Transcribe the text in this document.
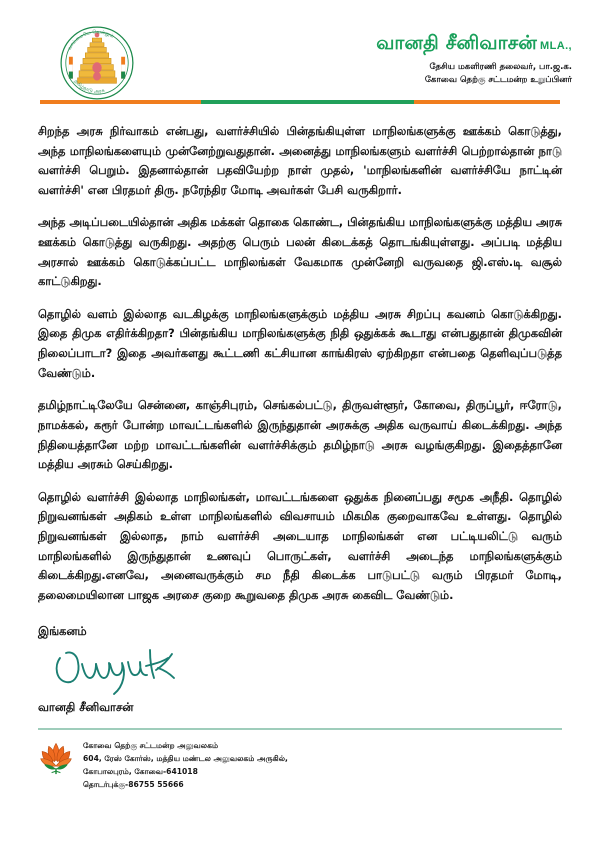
வாய்மையே வெல்லும்
தமிழ்நாடு அரசு
வானதி சீனிவாசன் MLA.,
தேசிய மகளிரணி தலைவர், பா.ஜ.க.
கோவை தெற்கு சட்டமன்ற உறுப்பினர்

சிறந்த அரசு நிர்வாகம் என்பது, வளர்ச்சியில் பின்தங்கியுள்ள மாநிலங்களுக்கு ஊக்கம் கொடுத்து, அந்த மாநிலங்களையும் முன்னேற்றுவதுதான். அனைத்து மாநிலங்களும் வளர்ச்சி பெற்றால்தான் நாடு வளர்ச்சி பெறும். இதனால்தான் பதவியேற்ற நாள் முதல், 'மாநிலங்களின் வளர்ச்சியே நாட்டின் வளர்ச்சி' என பிரதமர் திரு. நரேந்திர மோடி அவர்கள் பேசி வருகிறார்.

அந்த அடிப்படையில்தான் அதிக மக்கள் தொகை கொண்ட, பின்தங்கிய மாநிலங்களுக்கு மத்திய அரசு ஊக்கம் கொடுத்து வருகிறது. அதற்கு பெரும் பலன் கிடைக்கத் தொடங்கியுள்ளது. அப்படி மத்திய அரசால் ஊக்கம் கொடுக்கப்பட்ட மாநிலங்கள் வேகமாக முன்னேறி வருவதை ஜி.எஸ்.டி வசூல் காட்டுகிறது.

தொழில் வளம் இல்லாத வடகிழக்கு மாநிலங்களுக்கும் மத்திய அரசு சிறப்பு கவனம் கொடுக்கிறது. இதை திமுக எதிர்க்கிறதா? பின்தங்கிய மாநிலங்களுக்கு நிதி ஒதுக்கக் கூடாது என்பதுதான் திமுகவின் நிலைப்பாடா? இதை அவர்களது கூட்டணி கட்சியான காங்கிரஸ் ஏற்கிறதா என்பதை தெளிவுப்படுத்த வேண்டும்.

தமிழ்நாட்டிலேயே சென்னை, காஞ்சிபுரம், செங்கல்பட்டு, திருவள்ளூர், கோவை, திருப்பூர், ஈரோடு, நாமக்கல், கரூர் போன்ற மாவட்டங்களில் இருந்துதான் அரசுக்கு அதிக வருவாய் கிடைக்கிறது. அந்த நிதியைத்தானே மற்ற மாவட்டங்களின் வளர்ச்சிக்கும் தமிழ்நாடு அரசு வழங்குகிறது. இதைத்தானே மத்திய அரசும் செய்கிறது.

தொழில் வளர்ச்சி இல்லாத மாநிலங்கள், மாவட்டங்களை ஒதுக்க நினைப்பது சமூக அநீதி. தொழில் நிறுவனங்கள் அதிகம் உள்ள மாநிலங்களில் விவசாயம் மிகமிக குறைவாகவே உள்ளது. தொழில் நிறுவனங்கள் இல்லாத, நாம் வளர்ச்சி அடையாத மாநிலங்கள் என பட்டியலிட்டு வரும் மாநிலங்களில் இருந்துதான் உணவுப் பொருட்கள், வளர்ச்சி அடைந்த மாநிலங்களுக்கும் கிடைக்கிறது.எனவே, அனைவருக்கும் சம நீதி கிடைக்க பாடுபட்டு வரும் பிரதமர் மோடி, தலைமையிலான பாஜக அரசை குறை கூறுவதை திமுக அரசு கைவிட வேண்டும்.

இங்கனம்
வானதி சீனிவாசன்
கோவை தெற்கு சட்டமன்ற அலுவலகம்
604, ரேஸ் கோர்ஸ், மத்திய மண்டல அலுவலகம் அருகில்,
கோபாலபுரம், கோவை-641018
தொடர்புக்கு-86755 55666
